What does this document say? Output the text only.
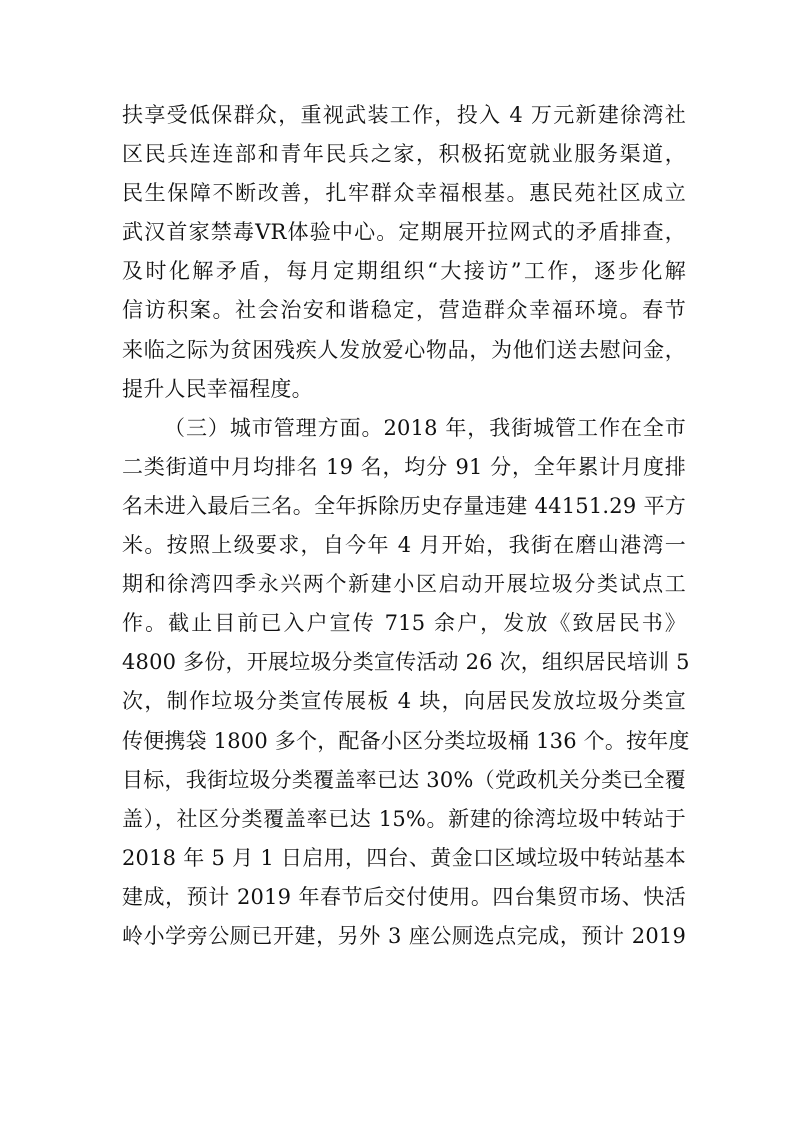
扶享受低保群众，重视武装工作，投入 4 万元新建徐湾社
区民兵连连部和青年民兵之家，积极拓宽就业服务渠道，
民生保障不断改善，扎牢群众幸福根基。惠民苑社区成立
武汉首家禁毒VR体验中心。定期展开拉网式的矛盾排查，
及时化解矛盾，每月定期组织“大接访”工作，逐步化解
信访积案。社会治安和谐稳定，营造群众幸福环境。春节
来临之际为贫困残疾人发放爱心物品，为他们送去慰问金，
提升人民幸福程度。
（三）城市管理方面。2018 年，我街城管工作在全市
二类街道中月均排名 19 名，均分 91 分，全年累计月度排
名未进入最后三名。全年拆除历史存量违建 44151.29 平方
米。按照上级要求，自今年 4 月开始，我街在磨山港湾一
期和徐湾四季永兴两个新建小区启动开展垃圾分类试点工
作。截止目前已入户宣传 715 余户，发放《致居民书》
4800 多份，开展垃圾分类宣传活动 26 次，组织居民培训 5
次，制作垃圾分类宣传展板 4 块，向居民发放垃圾分类宣
传便携袋 1800 多个，配备小区分类垃圾桶 136 个。按年度
目标，我街垃圾分类覆盖率已达 30%（党政机关分类已全覆
盖），社区分类覆盖率已达 15%。新建的徐湾垃圾中转站于
2018 年 5 月 1 日启用，四台、黄金口区域垃圾中转站基本
建成，预计 2019 年春节后交付使用。四台集贸市场、快活
岭小学旁公厕已开建，另外 3 座公厕选点完成，预计 2019
